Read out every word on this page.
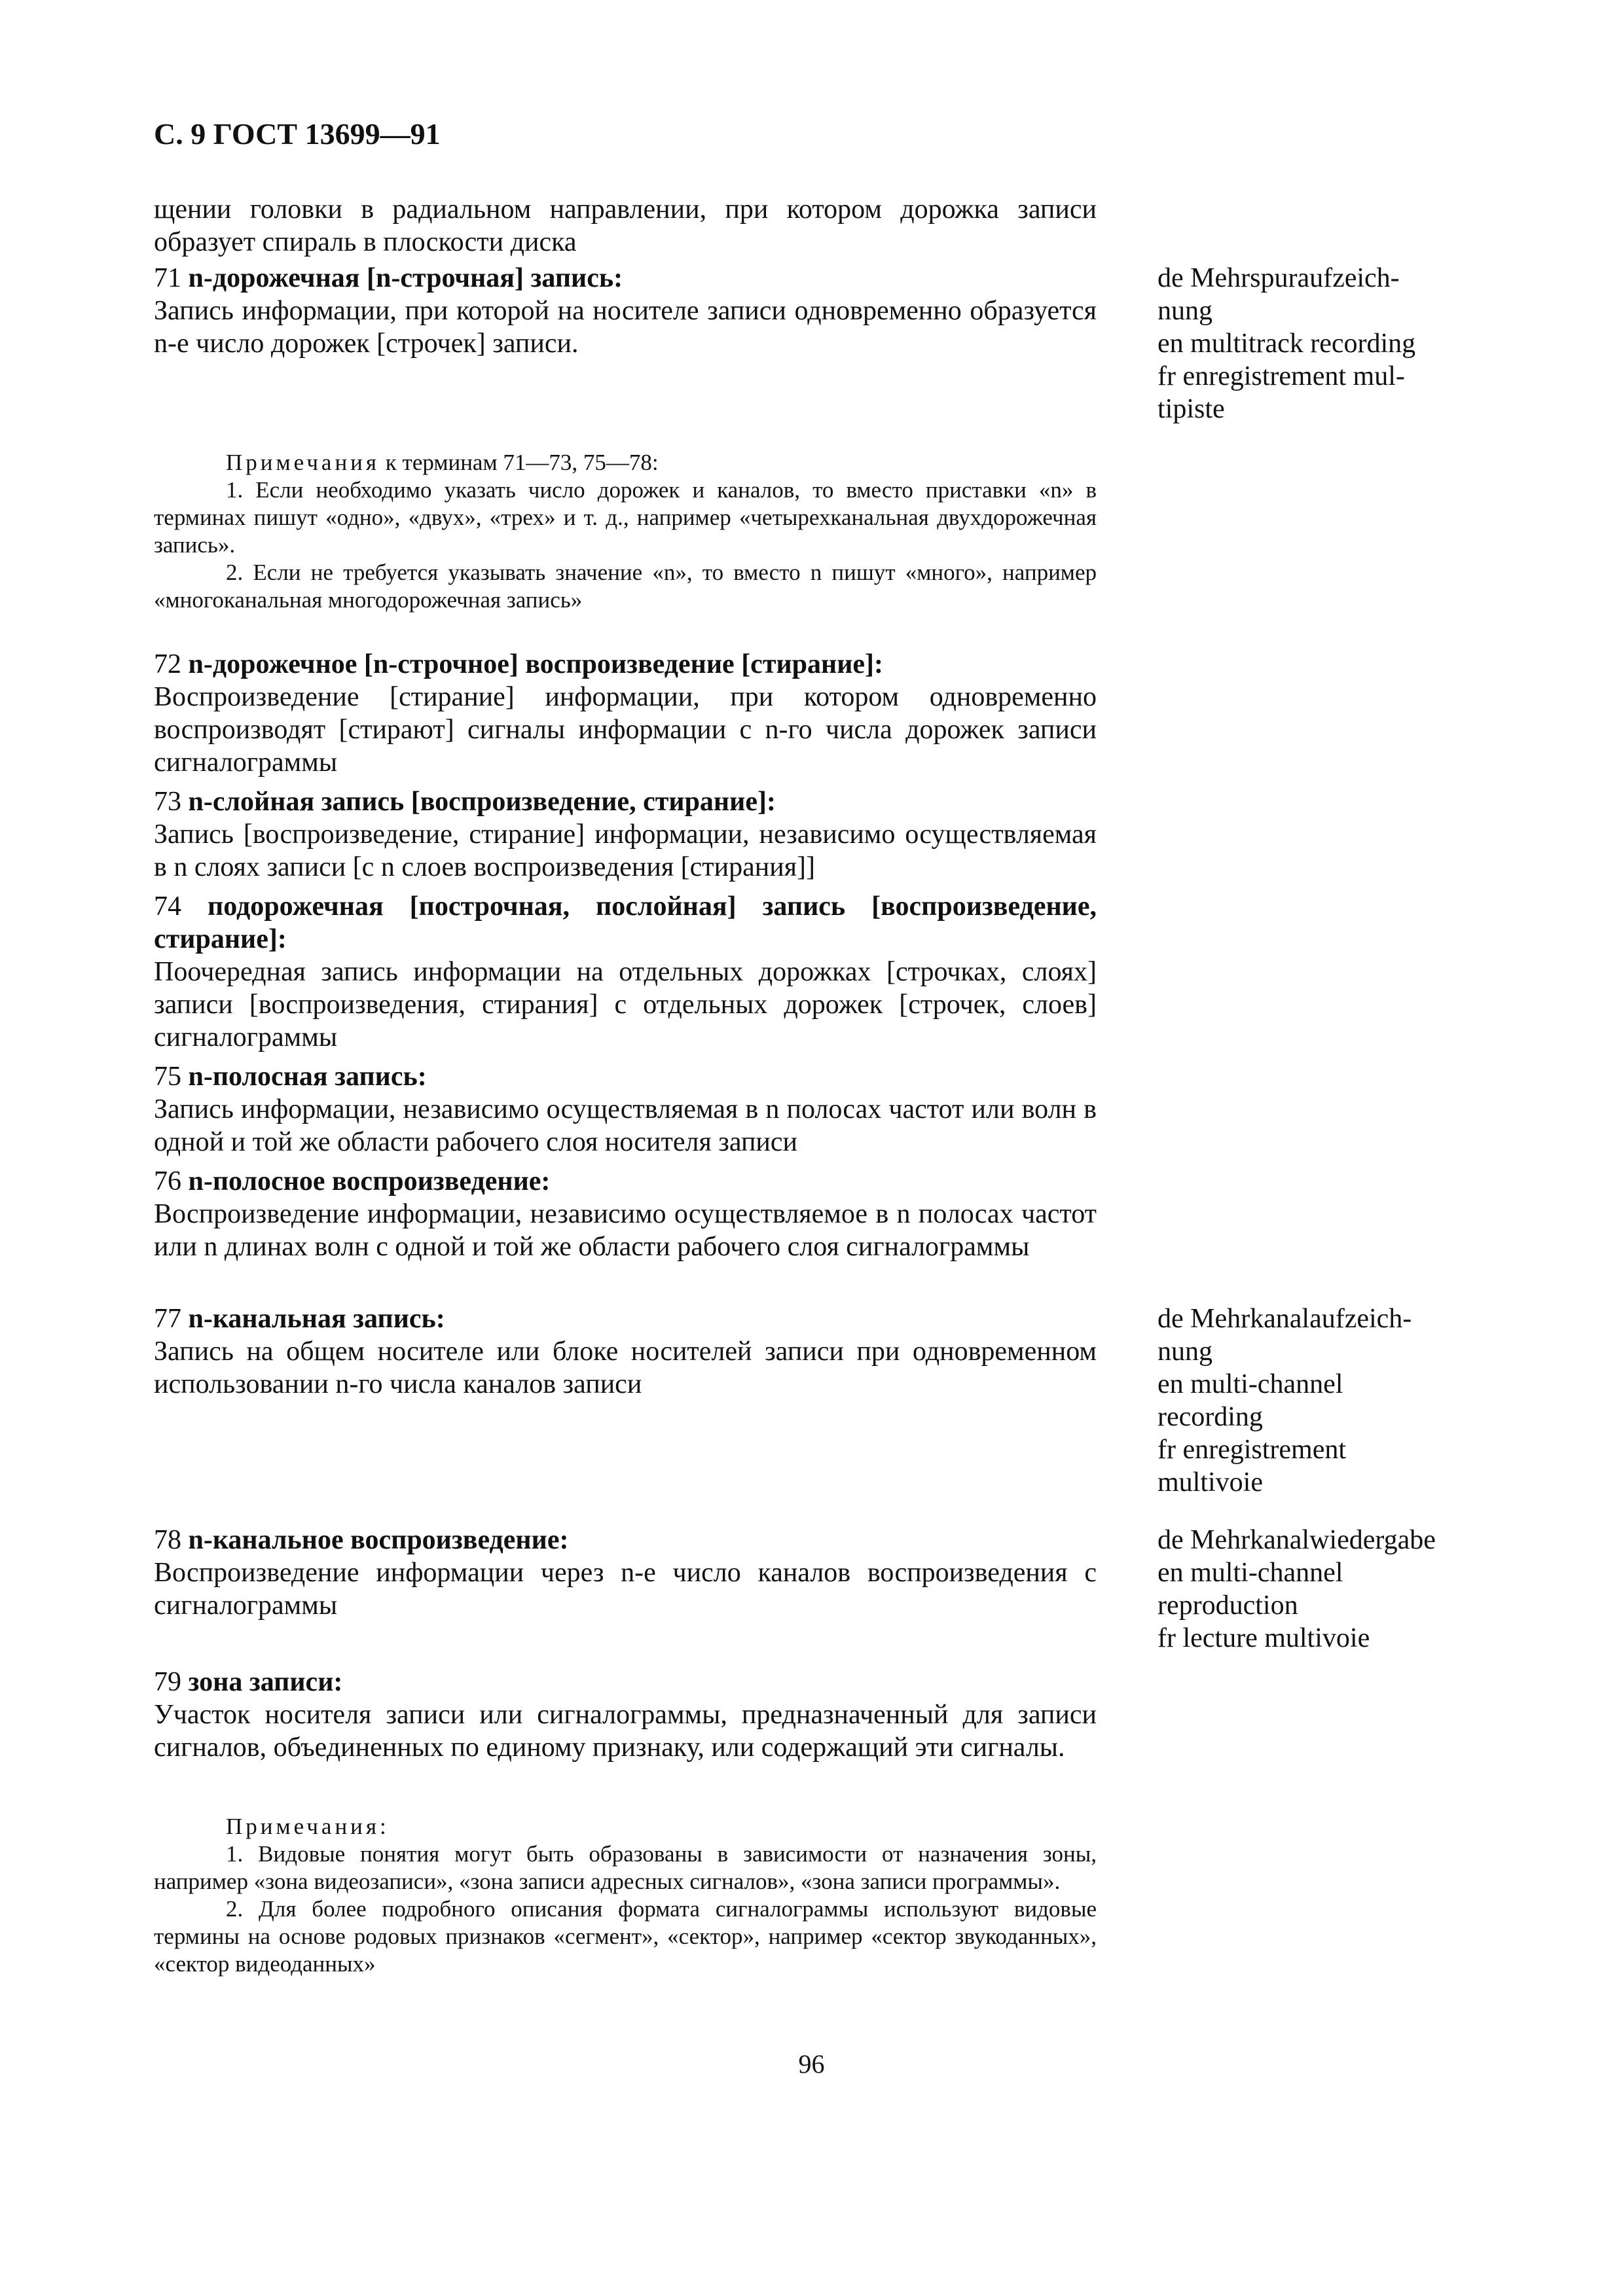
С. 9 ГОСТ 13699—91

щении головки в радиальном направлении, при котором дорожка записи образует спираль в плоскости диска

71 n-дорожечная [n-строчная] запись:

Запись информации, при которой на носителе записи одновременно образуется n-е число дорожек [строчек] записи.

de Mehrspuraufzeich-
nung
en multitrack recording
fr enregistrement mul-
tipiste

Примечания к терминам 71—73, 75—78:

1. Если необходимо указать число дорожек и каналов, то вместо приставки «n» в терминах пишут «одно», «двух», «трех» и т. д., например «четырехканальная двухдорожечная запись».

2. Если не требуется указывать значение «n», то вместо n пишут «много», например «многоканальная многодорожечная запись»

72 n-дорожечное [n-строчное] воспроизведение [стирание]:

Воспроизведение [стирание] информации, при котором одновременно воспроизводят [стирают] сигналы информации с n-го числа дорожек записи сигналограммы

73 n-слойная запись [воспроизведение, стирание]:

Запись [воспроизведение, стирание] информации, независимо осуществляемая в n слоях записи [с n слоев воспроизведения [стирания]]

74 подорожечная [построчная, послойная] запись [воспроизведение, стирание]:

Поочередная запись информации на отдельных дорожках [строчках, слоях] записи [воспроизведения, стирания] с отдельных дорожек [строчек, слоев] сигналограммы

75 n-полосная запись:

Запись информации, независимо осуществляемая в n полосах частот или волн в одной и той же области рабочего слоя носителя записи

76 n-полосное воспроизведение:

Воспроизведение информации, независимо осуществляемое в n полосах частот или n длинах волн с одной и той же области рабочего слоя сигналограммы

77 n-канальная запись:

Запись на общем носителе или блоке носителей записи при одновременном использовании n-го числа каналов записи

de Mehrkanalaufzeich-
nung
en multi-channel
recording
fr enregistrement
multivoie

78 n-канальное воспроизведение:

Воспроизведение информации через n-е число каналов воспроизведения с сигналограммы

de Mehrkanalwiedergabe
en multi-channel
reproduction
fr lecture multivoie

79 зона записи:

Участок носителя записи или сигналограммы, предназначенный для записи сигналов, объединенных по единому признаку, или содержащий эти сигналы.

Примечания:

1. Видовые понятия могут быть образованы в зависимости от назначения зоны, например «зона видеозаписи», «зона записи адресных сигналов», «зона записи программы».

2. Для более подробного описания формата сигналограммы используют видовые термины на основе родовых признаков «сегмент», «сектор», например «сектор звукоданных», «сектор видеоданных»

96
